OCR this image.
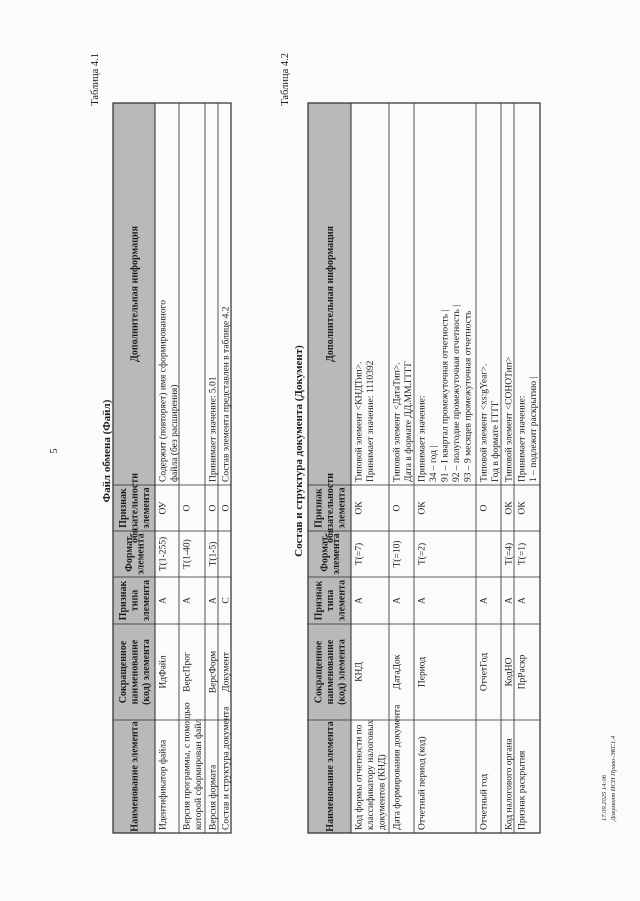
5
Таблица 4.1
Файл обмена (Файл)
Наименование элемента
Сокращенное наименование (код) элемента
Признак типа элемента
Формат элемента
Признак обязательности элемента
Дополнительная информация
Идентификатор файла
ИдФайл
А
T(1-255)
ОУ
Содержит (повторяет) имя сформированного файла (без расширения)
Версия программы, с помощью которой сформирован файл
ВерсПрог
А
T(1-40)
О
Версия формата
ВерсФорм
А
T(1-5)
О
Принимает значение: 5.01
Состав и структура документа
Документ
С
О
Состав элемента представлен в таблице 4.2
Таблица 4.2
Состав и структура документа (Документ)
Наименование элемента
Сокращенное наименование (код) элемента
Признак типа элемента
Формат элемента
Признак обязательности элемента
Дополнительная информация
Код формы отчетности по классификатору налоговых документов (КНД)
КНД
А
T(=7)
ОК
Типовой элемент <КНДТип>. Принимает значение: 1110392
Дата формирования документа
ДатаДок
А
T(=10)
О
Типовой элемент <ДатаТип>. Дата в формате ДД.ММ.ГГГГ
Отчетный период (код)
Период
А
T(=2)
ОК
Принимает значение: 34 – год | 91 – I квартал промежуточная отчетность | 92 – полугодие промежуточная отчетность | 93 – 9 месяцев промежуточная отчетность
Отчетный год
ОтчетГод
А
О
Типовой элемент <xs:gYear>. Год в формате ГГГГ
Код налогового органа
КодНО
А
T(=4)
ОК
Типовой элемент <СОНОТип>
Признак раскрытия
ПрРаскр
А
T(=1)
ОК
Принимает значение: 1 – подлежит раскрытию |
17.09.2025 14:06 Документ ИСН Право-ЭКС1.4
